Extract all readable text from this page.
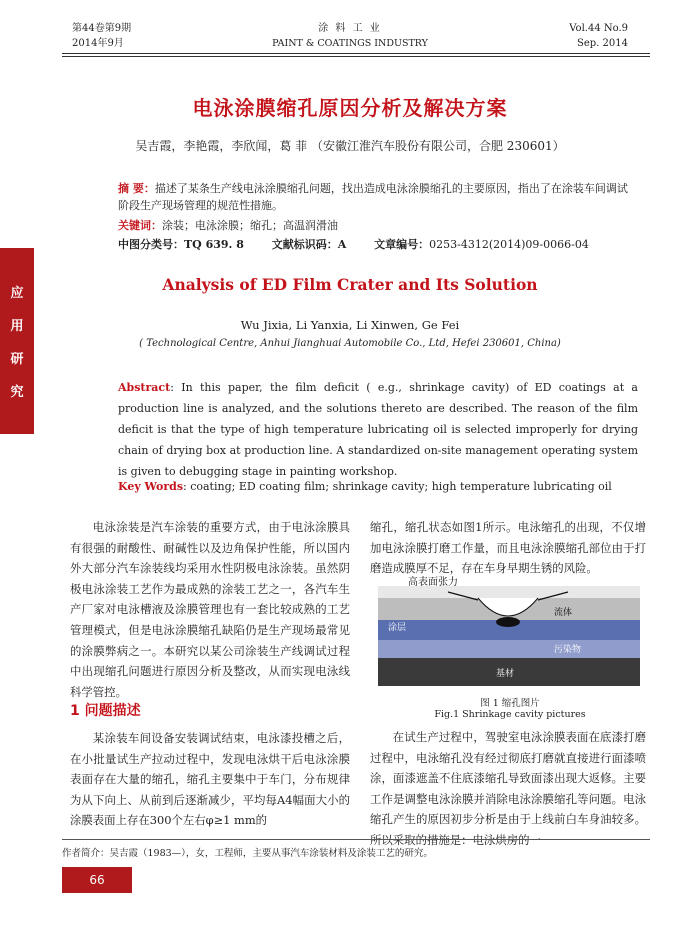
第44卷第9期
2014年9月
涂 料 工 业
PAINT & COATINGS INDUSTRY
Vol.44 No.9
Sep. 2014
电泳涂膜缩孔原因分析及解决方案
吴吉霞，李艳霞，李欣闻，葛 菲 （安徽江淮汽车股份有限公司，合肥 230601）
摘 要：描述了某条生产线电泳涂膜缩孔问题，找出造成电泳涂膜缩孔的主要原因，指出了在涂装车间调试阶段生产现场管理的规范性措施。
关键词：涂装；电泳涂膜；缩孔；高温润滑油
中图分类号：TQ 639. 8	文献标识码：A	文章编号：0253-4312(2014)09-0066-04
应
用
研
究
Analysis of ED Film Crater and Its Solution
Wu Jixia, Li Yanxia, Li Xinwen, Ge Fei
( Technological Centre, Anhui Jianghuai Automobile Co., Ltd, Hefei 230601, China)
Abstract: In this paper, the film deficit ( e.g., shrinkage cavity) of ED coatings at a production line is analyzed, and the solutions thereto are described. The reason of the film deficit is that the type of high temperature lubricating oil is selected improperly for drying chain of drying box at production line. A standardized on-site management operating system is given to debugging stage in painting workshop.
Key Words: coating; ED coating film; shrinkage cavity; high temperature lubricating oil

电泳涂装是汽车涂装的重要方式，由于电泳涂膜具有很强的耐酸性、耐碱性以及边角保护性能，所以国内外大部分汽车涂装线均采用水性阴极电泳涂装。虽然阴极电泳涂装工艺作为最成熟的涂装工艺之一，各汽车生产厂家对电泳槽液及涂膜管理也有一套比较成熟的工艺管理模式，但是电泳涂膜缩孔缺陷仍是生产现场最常见的涂膜弊病之一。本研究以某公司涂装生产线调试过程中出现缩孔问题进行原因分析及整改，从而实现电泳线科学管控。

1 问题描述

某涂装车间设备安装调试结束，电泳漆投槽之后，在小批量试生产拉动过程中，发现电泳烘干后电泳涂膜表面存在大量的缩孔，缩孔主要集中于车门，分布规律为从下向上、从前到后逐渐减少，平均每A4幅面大小的涂膜表面上存在300个左右φ≥1 mm的

缩孔，缩孔状态如图1所示。电泳缩孔的出现，不仅增加电泳涂膜打磨工作量，而且电泳涂膜缩孔部位由于打磨造成膜厚不足，存在车身早期生锈的风险。

涂层
流体
污染物
基材
高表面张力
图 1 缩孔图片
Fig.1 Shrinkage cavity pictures

在试生产过程中，驾驶室电泳涂膜表面在底漆打磨过程中，电泳缩孔没有经过彻底打磨就直接进行面漆喷涂，面漆遮盖不住底漆缩孔导致面漆出现大返修。主要工作是调整电泳涂膜并消除电泳涂膜缩孔等问题。电泳缩孔产生的原因初步分析是由于上线前白车身油较多。

作者简介：吴吉霞（1983—），女，工程师，主要从事汽车涂装材料及涂装工艺的研究。
66
